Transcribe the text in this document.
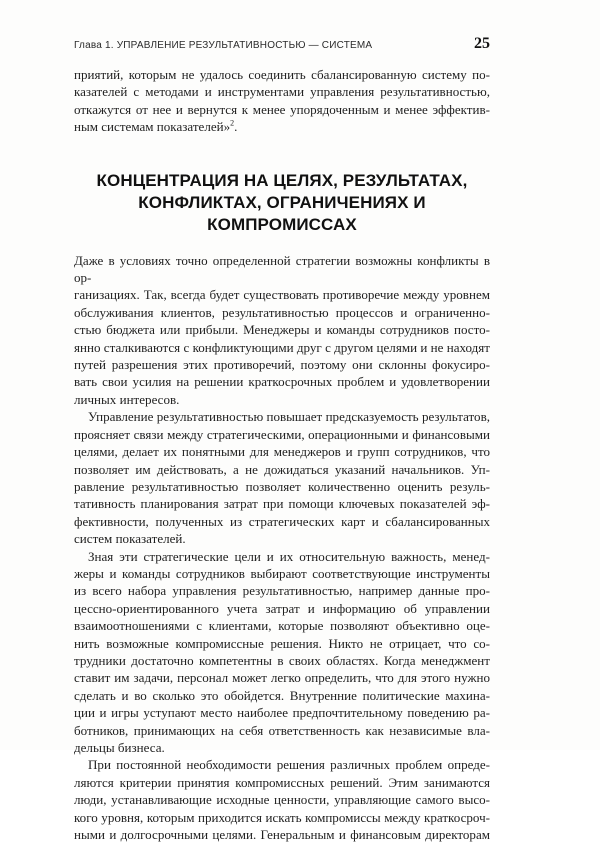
Глава 1. УПРАВЛЕНИЕ РЕЗУЛЬТАТИВНОСТЬЮ — СИСТЕМА	25

приятий, которым не удалось соединить сбалансированную систему по-
казателей с методами и инструментами управления результативностью,
откажутся от нее и вернутся к менее упорядоченным и менее эффектив-
ным системам показателей»$^2$.

КОНЦЕНТРАЦИЯ НА ЦЕЛЯХ, РЕЗУЛЬТАТАХ,
КОНФЛИКТАХ, ОГРАНИЧЕНИЯХ И КОМПРОМИССАХ

Даже в условиях точно определенной стратегии возможны конфликты в ор-
ганизациях. Так, всегда будет существовать противоречие между уровнем
обслуживания клиентов, результативностью процессов и ограниченно-
стью бюджета или прибыли. Менеджеры и команды сотрудников посто-
янно сталкиваются с конфликтующими друг с другом целями и не находят
путей разрешения этих противоречий, поэтому они склонны фокусиро-
вать свои усилия на решении краткосрочных проблем и удовлетворении
личных интересов.

Управление результативностью повышает предсказуемость результатов,
проясняет связи между стратегическими, операционными и финансовыми
целями, делает их понятными для менеджеров и групп сотрудников, что
позволяет им действовать, а не дожидаться указаний начальников. Уп-
равление результативностью позволяет количественно оценить резуль-
тативность планирования затрат при помощи ключевых показателей эф-
фективности, полученных из стратегических карт и сбалансированных
систем показателей.

Зная эти стратегические цели и их относительную важность, менед-
жеры и команды сотрудников выбирают соответствующие инструменты
из всего набора управления результативностью, например данные про-
цессно-ориентированного учета затрат и информацию об управлении
взаимоотношениями с клиентами, которые позволяют объективно оце-
нить возможные компромиссные решения. Никто не отрицает, что со-
трудники достаточно компетентны в своих областях. Когда менеджмент
ставит им задачи, персонал может легко определить, что для этого нужно
сделать и во сколько это обойдется. Внутренние политические махина-
ции и игры уступают место наиболее предпочтительному поведению ра-
ботников, принимающих на себя ответственность как независимые вла-
дельцы бизнеса.

При постоянной необходимости решения различных проблем опреде-
ляются критерии принятия компромиссных решений. Этим занимаются
люди, устанавливающие исходные ценности, управляющие самого высо-
кого уровня, которым приходится искать компромиссы между краткосроч-
ными и долгосрочными целями. Генеральным и финансовым директорам
